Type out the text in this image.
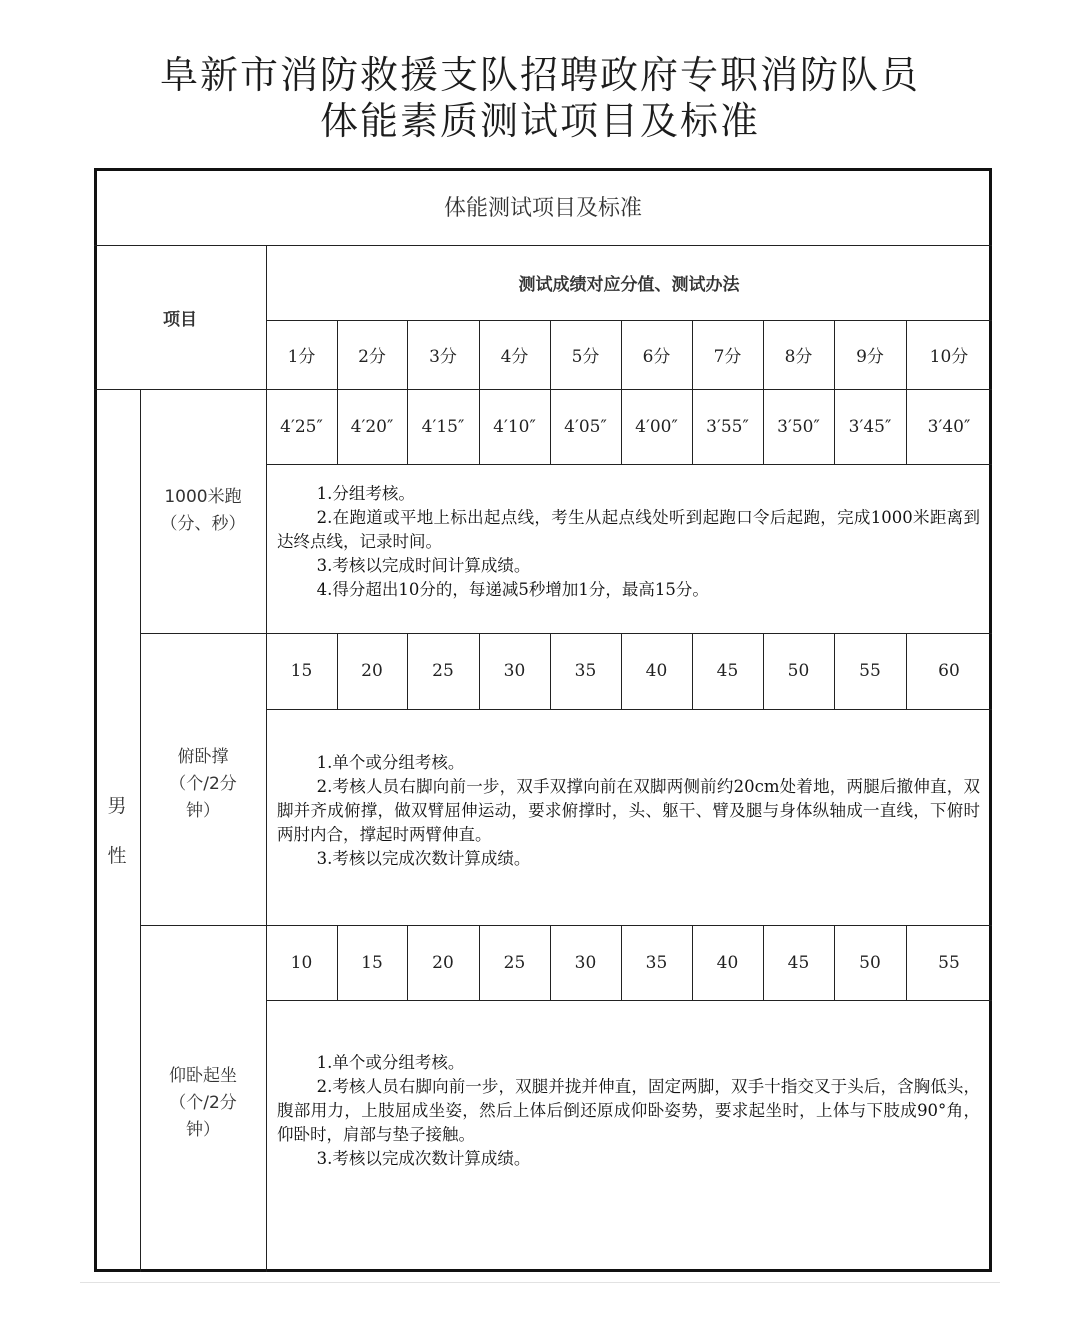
阜新市消防救援支队招聘政府专职消防队员
体能素质测试项目及标准
体能测试项目及标准
项目
测试成绩对应分值、测试办法
1分	2分	3分	4分	5分	6分	7分	8分	9分	10分
男
性
1000米跑
（分、秒）
4′25″	4′20″	4′15″	4′10″	4′05″	4′00″	3′55″	3′50″	3′45″	3′40″

1.分组考核。

2.在跑道或平地上标出起点线，考生从起点线处听到起跑口令后起跑，完成1000米距离到达终点线，记录时间。

3.考核以完成时间计算成绩。

4.得分超出10分的，每递减5秒增加1分，最高15分。

俯卧撑
（个/2分
钟）
15	20	25	30	35	40	45	50	55	60

1.单个或分组考核。

2.考核人员右脚向前一步，双手双撑向前在双脚两侧前约20cm处着地，两腿后撤伸直，双脚并齐成俯撑，做双臂屈伸运动，要求俯撑时，头、躯干、臂及腿与身体纵轴成一直线，下俯时两肘内合，撑起时两臂伸直。

3.考核以完成次数计算成绩。

仰卧起坐
（个/2分
钟）
10	15	20	25	30	35	40	45	50	55

1.单个或分组考核。

2.考核人员右脚向前一步，双腿并拢并伸直，固定两脚，双手十指交叉于头后，含胸低头，腹部用力，上肢屈成坐姿，然后上体后倒还原成仰卧姿势，要求起坐时，上体与下肢成90°角，仰卧时，肩部与垫子接触。

3.考核以完成次数计算成绩。
